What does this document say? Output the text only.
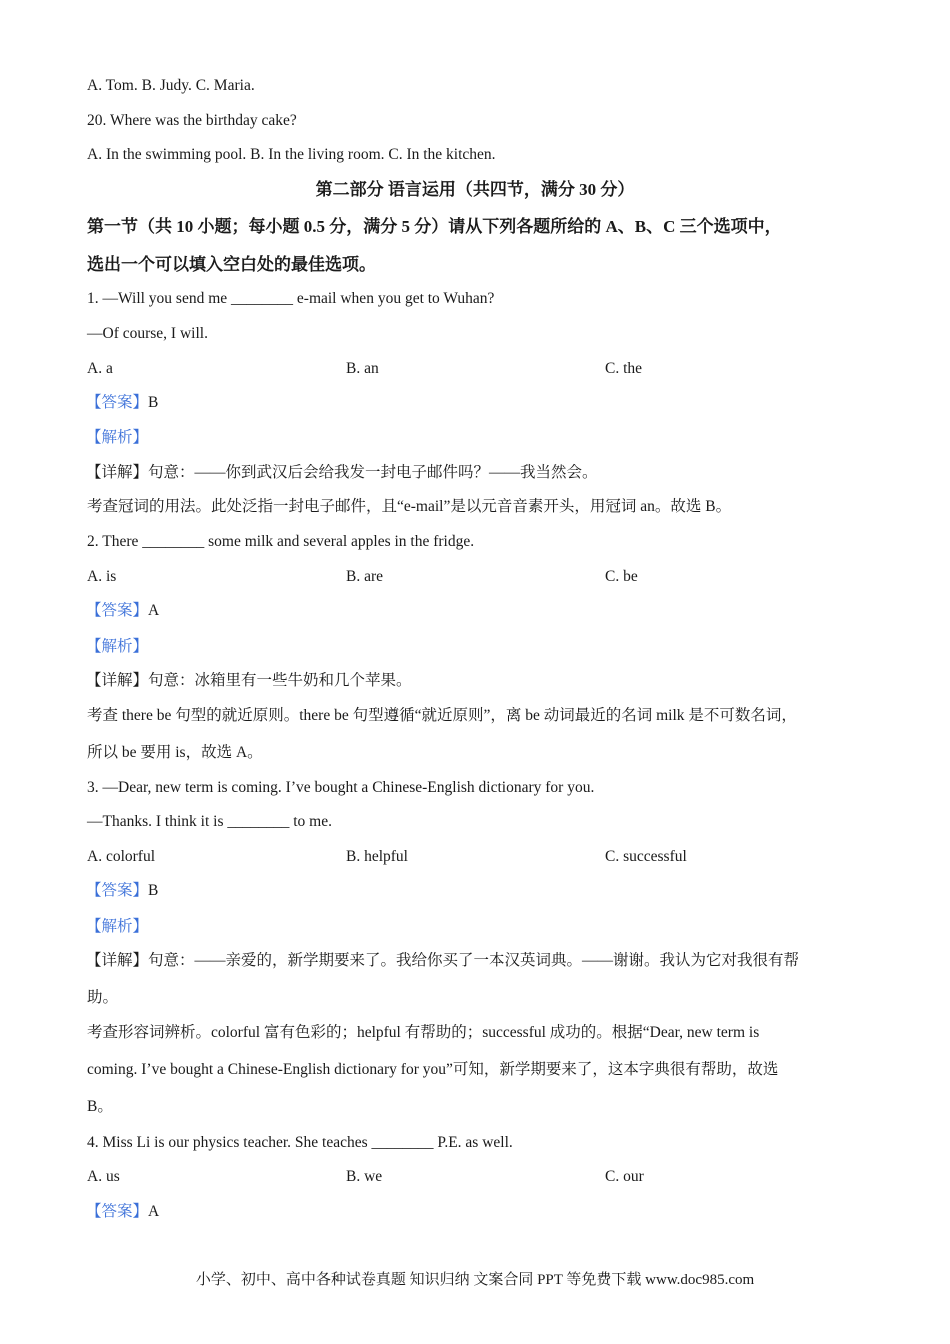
A. Tom. B. Judy. C. Maria.
20. Where was the birthday cake?
A. In the swimming pool. B. In the living room. C. In the kitchen.
第二部分 语言运用（共四节，满分 30 分）
第一节（共 10 小题；每小题 0.5 分，满分 5 分）请从下列各题所给的 A、B、C 三个选项中，
选出一个可以填入空白处的最佳选项。
1. —Will you send me ________ e-mail when you get to Wuhan?
—Of course, I will.
A. a	B. an	C. the
【答案】B
【解析】
【详解】句意：——你到武汉后会给我发一封电子邮件吗？——我当然会。
考查冠词的用法。此处泛指一封电子邮件，且“e-mail”是以元音音素开头，用冠词 an。故选 B。
2. There ________ some milk and several apples in the fridge.
A. is	B. are	C. be
【答案】A
【解析】
【详解】句意：冰箱里有一些牛奶和几个苹果。
考查 there be 句型的就近原则。there be 句型遵循“就近原则”，离 be 动词最近的名词 milk 是不可数名词，
所以 be 要用 is，故选 A。
3. —Dear, new term is coming. I’ve bought a Chinese-English dictionary for you.
—Thanks. I think it is ________ to me.
A. colorful	B. helpful	C. successful
【答案】B
【解析】
【详解】句意：——亲爱的，新学期要来了。我给你买了一本汉英词典。——谢谢。我认为它对我很有帮
助。
考查形容词辨析。colorful 富有色彩的；helpful 有帮助的；successful 成功的。根据“Dear, new term is
coming. I’ve bought a Chinese-English dictionary for you”可知，新学期要来了，这本字典很有帮助，故选
B。
4. Miss Li is our physics teacher. She teaches ________ P.E. as well.
A. us	B. we	C. our
【答案】A
小学、初中、高中各种试卷真题 知识归纳 文案合同 PPT 等免费下载 www.doc985.com
